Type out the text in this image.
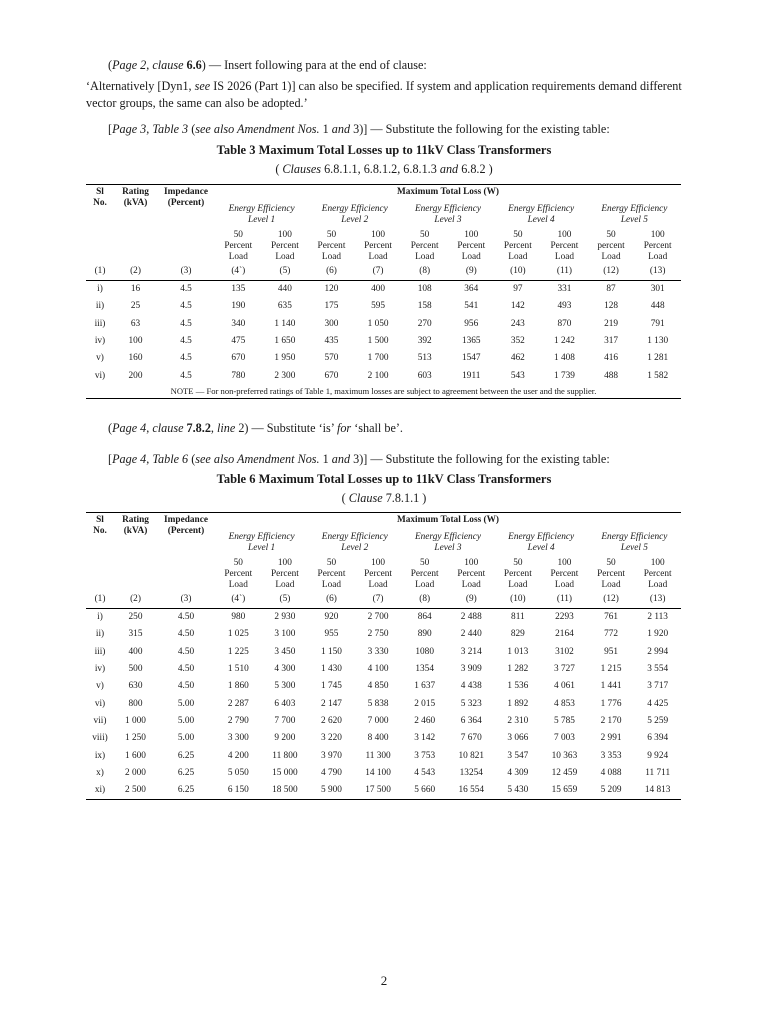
(Page 2, clause 6.6) — Insert following para at the end of clause:

‘Alternatively [Dyn1, see IS 2026 (Part 1)] can also be specified. If system and application requirements demand different vector groups, the same can also be adopted.’

[Page 3, Table 3 (see also Amendment Nos. 1 and 3)] — Substitute the following for the existing table:

Table 3 Maximum Total Losses up to 11kV Class Transformers

( Clauses 6.8.1.1, 6.8.1.2, 6.8.1.3 and 6.8.2 )

Sl
No.	Rating
(kVA)	Impedance
(Percent)	Maximum Total Loss (W)									
			Energy Efficiency
Level 1		Energy Efficiency
Level 2		Energy Efficiency
Level 3		Energy Efficiency
Level 4		Energy Efficiency
Level 5	
			50
Percent
Load	100
Percent
Load	50
Percent
Load	100
Percent
Load	50
Percent
Load	100
Percent
Load	50
Percent
Load	100
Percent
Load	50
percent
Load	100
Percent
Load
(1)	(2)	(3)	(4`)	(5)	(6)	(7)	(8)	(9)	(10)	(11)	(12)	(13)
i)	16	4.5	135	440	120	400	108	364	97	331	87	301
ii)	25	4.5	190	635	175	595	158	541	142	493	128	448
iii)	63	4.5	340	1 140	300	1 050	270	956	243	870	219	791
iv)	100	4.5	475	1 650	435	1 500	392	1365	352	1 242	317	1 130
v)	160	4.5	670	1 950	570	1 700	513	1547	462	1 408	416	1 281
vi)	200	4.5	780	2 300	670	2 100	603	1911	543	1 739	488	1 582
NOTE — For non-preferred ratings of Table 1, maximum losses are subject to agreement between the user and the supplier.												

(Page 4, clause 7.8.2, line 2) — Substitute ‘is’ for ‘shall be’.

[Page 4, Table 6 (see also Amendment Nos. 1 and 3)] — Substitute the following for the existing table:

Table 6 Maximum Total Losses up to 11kV Class Transformers

( Clause 7.8.1.1 )

Sl
No.	Rating
(kVA)	Impedance
(Percent)	Maximum Total Loss (W)									
			Energy Efficiency
Level 1		Energy Efficiency
Level 2		Energy Efficiency
Level 3		Energy Efficiency
Level 4		Energy Efficiency
Level 5	
			50
Percent
Load	100
Percent
Load	50
Percent
Load	100
Percent
Load	50
Percent
Load	100
Percent
Load	50
Percent
Load	100
Percent
Load	50
Percent
Load	100
Percent
Load
(1)	(2)	(3)	(4`)	(5)	(6)	(7)	(8)	(9)	(10)	(11)	(12)	(13)
i)	250	4.50	980	2 930	920	2 700	864	2 488	811	2293	761	2 113
ii)	315	4.50	1 025	3 100	955	2 750	890	2 440	829	2164	772	1 920
iii)	400	4.50	1 225	3 450	1 150	3 330	1080	3 214	1 013	3102	951	2 994
iv)	500	4.50	1 510	4 300	1 430	4 100	1354	3 909	1 282	3 727	1 215	3 554
v)	630	4.50	1 860	5 300	1 745	4 850	1 637	4 438	1 536	4 061	1 441	3 717
vi)	800	5.00	2 287	6 403	2 147	5 838	2 015	5 323	1 892	4 853	1 776	4 425
vii)	1 000	5.00	2 790	7 700	2 620	7 000	2 460	6 364	2 310	5 785	2 170	5 259
viii)	1 250	5.00	3 300	9 200	3 220	8 400	3 142	7 670	3 066	7 003	2 991	6 394
ix)	1 600	6.25	4 200	11 800	3 970	11 300	3 753	10 821	3 547	10 363	3 353	9 924
x)	2 000	6.25	5 050	15 000	4 790	14 100	4 543	13254	4 309	12 459	4 088	11 711
xi)	2 500	6.25	6 150	18 500	5 900	17 500	5 660	16 554	5 430	15 659	5 209	14 813

2
